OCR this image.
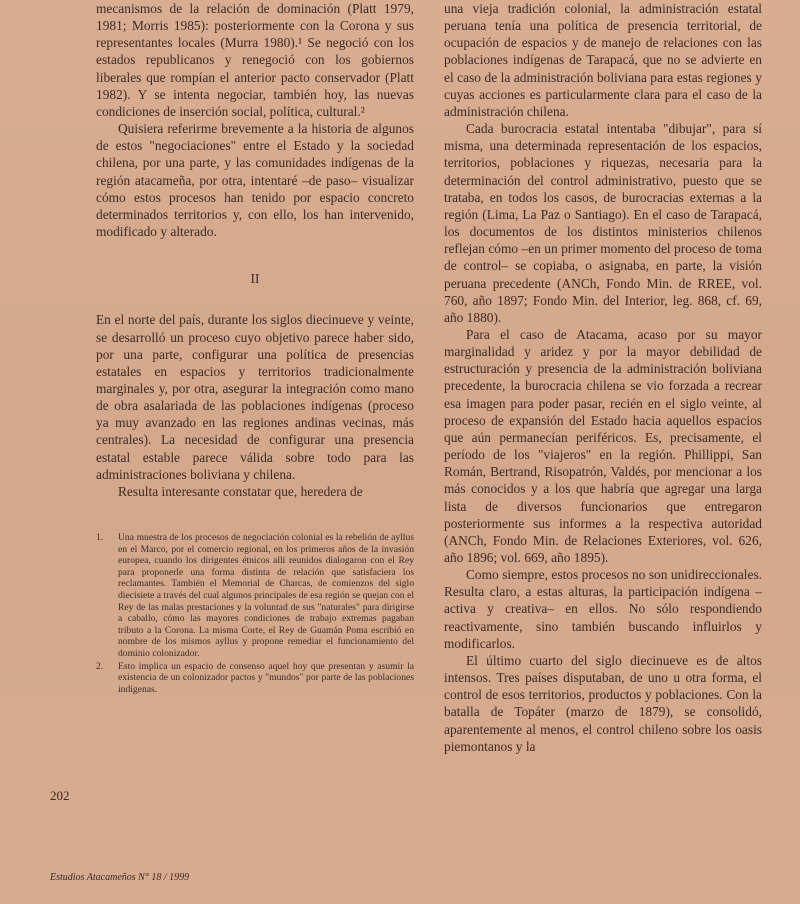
mecanismos de la relación de dominación (Platt 1979, 1981; Morris 1985): posteriormente con la Corona y sus representantes locales (Murra 1980).¹ Se negoció con los estados republicanos y renegoció con los gobiernos liberales que rompían el anterior pacto conservador (Platt 1982). Y se intenta negociar, también hoy, las nuevas condiciones de inserción social, política, cultural.²

Quisiera referirme brevemente a la historia de algunos de estos "negociaciones" entre el Estado y la sociedad chilena, por una parte, y las comunidades indígenas de la región atacameña, por otra, intentaré –de paso– visualizar cómo estos procesos han tenido por espacio concreto determinados territorios y, con ello, los han intervenido, modificado y alterado.

II

En el norte del país, durante los siglos diecinueve y veinte, se desarrolló un proceso cuyo objetivo parece haber sido, por una parte, configurar una política de presencias estatales en espacios y territorios tradicionalmente marginales y, por otra, asegurar la integración como mano de obra asalariada de las poblaciones indígenas (proceso ya muy avanzado en las regiones andinas vecinas, más centrales). La necesidad de configurar una presencia estatal estable parece válida sobre todo para las administraciones boliviana y chilena.

Resulta interesante constatar que, heredera de

1.	Una muestra de los procesos de negociación colonial es la rebelión de ayllus en el Marco, por el comercio regional, en los primeros años de la invasión europea, cuando los dirigentes étnicos allí reunidos dialogaron con el Rey para proponerle una forma distinta de relación que satisfaciera los reclamantes. También el Memorial de Charcas, de comienzos del siglo diecisiete a través del cual algunos principales de esa región se quejan con el Rey de las malas prestaciones y la voluntad de sus "naturales" para dirigirse a caballo, cómo las mayores condiciones de trabajo extremas pagaban tributo a la Corona. La misma Corte, el Rey de Guamán Poma escribió en nombre de los mismos ayllus y propone remediar el funcionamiento del dominio colonizador.
2.	Esto implica un espacio de consenso aquel hoy que presentan y asumir la existencia de un colonizador pactos y "mundos" por parte de las poblaciones indígenas.

una vieja tradición colonial, la administración estatal peruana tenía una política de presencia territorial, de ocupación de espacios y de manejo de relaciones con las poblaciones indígenas de Tarapacá, que no se advierte en el caso de la administración boliviana para estas regiones y cuyas acciones es particularmente clara para el caso de la administración chilena.

Cada burocracia estatal intentaba "dibujar", para sí misma, una determinada representación de los espacios, territorios, poblaciones y riquezas, necesaria para la determinación del control administrativo, puesto que se trataba, en todos los casos, de burocracias externas a la región (Lima, La Paz o Santiago). En el caso de Tarapacá, los documentos de los distintos ministerios chilenos reflejan cómo –en un primer momento del proceso de toma de control– se copiaba, o asignaba, en parte, la visión peruana precedente (ANCh, Fondo Min. de RREE, vol. 760, año 1897; Fondo Min. del Interior, leg. 868, cf. 69, año 1880).

Para el caso de Atacama, acaso por su mayor marginalidad y aridez y por la mayor debilidad de estructuración y presencia de la administración boliviana precedente, la burocracia chilena se vio forzada a recrear esa imagen para poder pasar, recién en el siglo veinte, al proceso de expansión del Estado hacia aquellos espacios que aún permanecían periféricos. Es, precisamente, el período de los "viajeros" en la región. Phillippi, San Román, Bertrand, Risopatrón, Valdés, por mencionar a los más conocidos y a los que habría que agregar una larga lista de diversos funcionarios que entregaron posteriormente sus informes a la respectiva autoridad (ANCh, Fondo Min. de Relaciones Exteriores, vol. 626, año 1896; vol. 669, año 1895).

Como siempre, estos procesos no son unidireccionales. Resulta claro, a estas alturas, la participación indígena –activa y creativa– en ellos. No sólo respondiendo reactivamente, sino también buscando influirlos y modificarlos.

El último cuarto del siglo diecinueve es de altos intensos. Tres países disputaban, de uno u otra forma, el control de esos territorios, productos y poblaciones. Con la batalla de Topáter (marzo de 1879), se consolidó, aparentemente al menos, el control chileno sobre los oasis piemontanos y la

202
Estudios Atacameños N° 18 / 1999
